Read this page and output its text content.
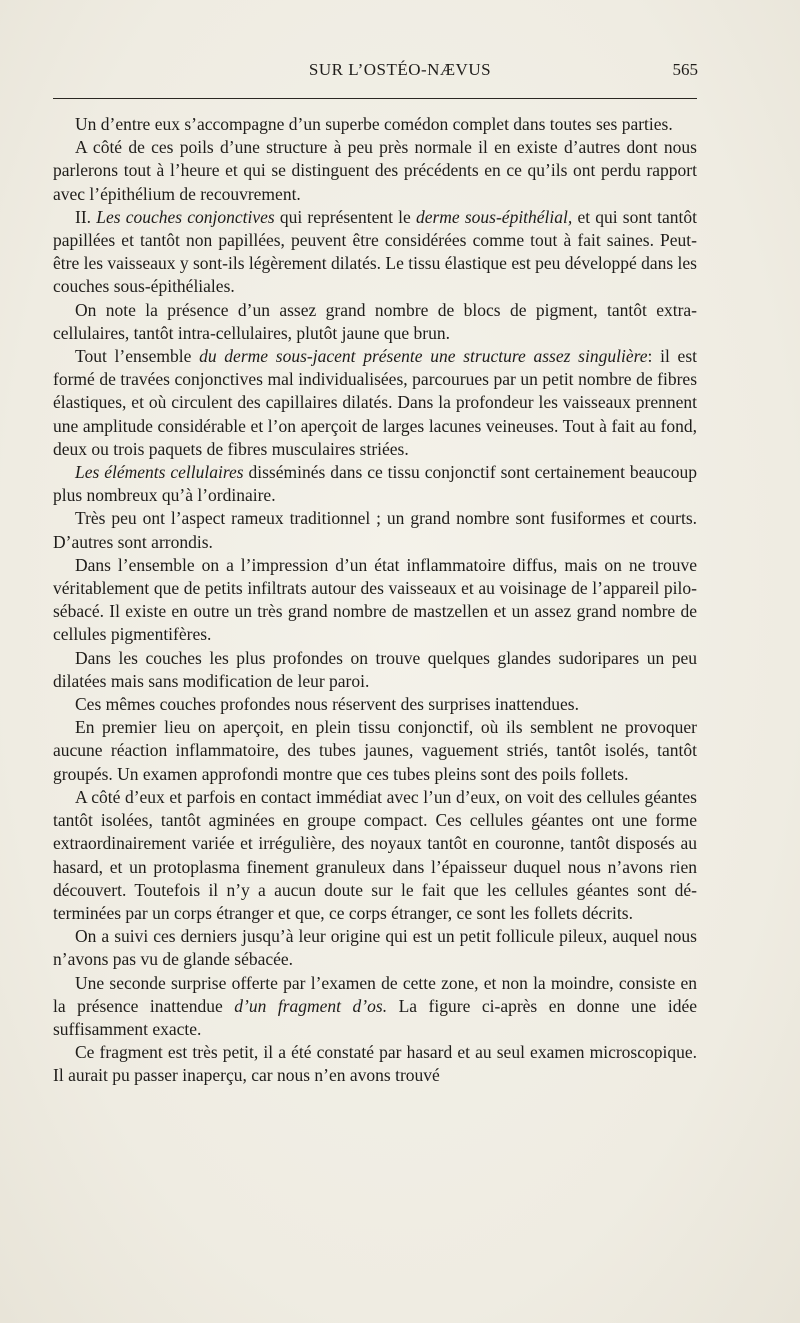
SUR L’OSTÉO-NÆVUS	565

Un d’entre eux s’accompagne d’un superbe comédon complet dans toutes ses parties.

A côté de ces poils d’une structure à peu près normale il en existe d’autres dont nous parlerons tout à l’heure et qui se distinguent des précédents en ce qu’ils ont perdu rapport avec l’épithélium de recouvrement.

II. Les couches conjonctives qui représentent le derme sous-épithélial, et qui sont tantôt papillées et tantôt non papillées, peuvent être considérées comme tout à fait saines. Peut-être les vaisseaux y sont-ils légèrement dilatés. Le tissu élastique est peu développé dans les couches sous-épithéliales.

On note la présence d’un assez grand nombre de blocs de pigment, tantôt extra-cellulaires, tantôt intra-cellulaires, plutôt jaune que brun.

Tout l’ensemble du derme sous-jacent présente une structure assez singulière: il est formé de travées conjonctives mal individualisées, parcourues par un petit nombre de fibres élastiques, et où circulent des capillaires dilatés. Dans la profondeur les vaisseaux prennent une amplitude considérable et l’on aperçoit de larges lacunes veineuses. Tout à fait au fond, deux ou trois paquets de fibres musculaires striées.

Les éléments cellulaires disséminés dans ce tissu conjonctif sont certainement beaucoup plus nombreux qu’à l’ordinaire.

Très peu ont l’aspect rameux traditionnel ; un grand nombre sont fusiformes et courts. D’autres sont arrondis.

Dans l’ensemble on a l’impression d’un état inflammatoire diffus, mais on ne trouve véritablement que de petits infiltrats autour des vaisseaux et au voisinage de l’appareil pilo-sébacé. Il existe en outre un très grand nombre de mastzellen et un assez grand nombre de cellules pigmentifères.

Dans les couches les plus profondes on trouve quelques glandes sudoripares un peu dilatées mais sans modification de leur paroi.

Ces mêmes couches profondes nous réservent des surprises inattendues.

En premier lieu on aperçoit, en plein tissu conjonctif, où ils semblent ne provoquer aucune réaction inflammatoire, des tubes jaunes, vaguement striés, tantôt isolés, tantôt groupés. Un examen approfondi montre que ces tubes pleins sont des poils follets.

A côté d’eux et parfois en contact immédiat avec l’un d’eux, on voit des cellules géantes tantôt isolées, tantôt agminées en groupe compact. Ces cellules géantes ont une forme extraordinairement variée et irrégulière, des noyaux tantôt en couronne, tantôt disposés au hasard, et un protoplasma finement granuleux dans l’épaisseur duquel nous n’avons rien découvert. Toutefois il n’y a aucun doute sur le fait que les cellules géantes sont déterminées par un corps étranger et que, ce corps étranger, ce sont les follets décrits.

On a suivi ces derniers jusqu’à leur origine qui est un petit follicule pileux, auquel nous n’avons pas vu de glande sébacée.

Une seconde surprise offerte par l’examen de cette zone, et non la moindre, consiste en la présence inattendue d’un fragment d’os. La figure ci-après en donne une idée suffisamment exacte.

Ce fragment est très petit, il a été constaté par hasard et au seul examen microscopique. Il aurait pu passer inaperçu, car nous n’en avons trouvé
